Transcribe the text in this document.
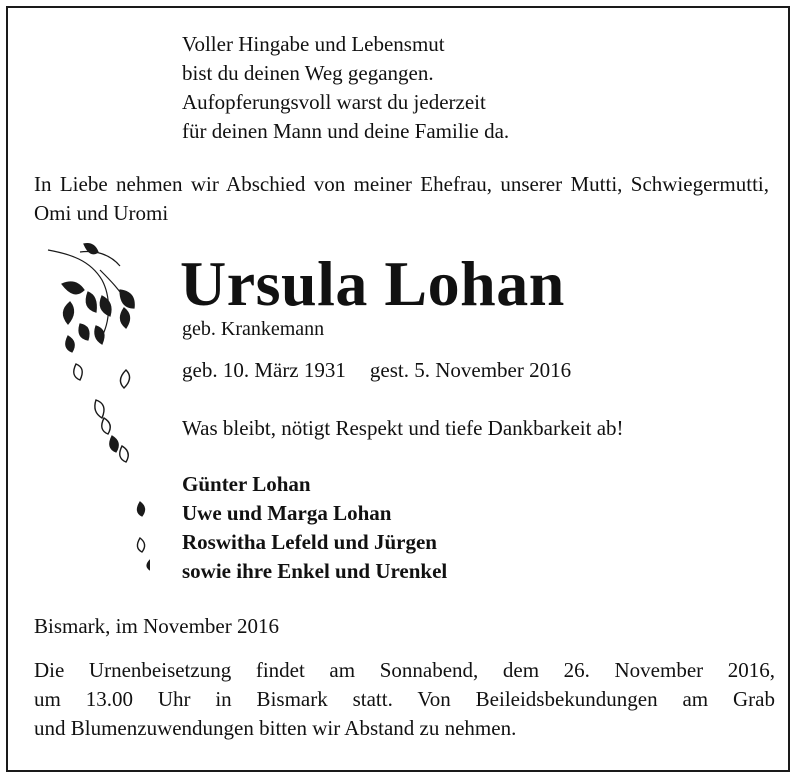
Voller Hingabe und Lebensmut
bist du deinen Weg gegangen.
Aufopferungsvoll warst du jederzeit
für deinen Mann und deine Familie da.
In Liebe nehmen wir Abschied von meiner Ehefrau, unserer Mutti, Schwiegermutti, Omi und Uromi
Ursula Lohan
geb. Krankemann
geb. 10. März 1931 gest. 5. November 2016
Was bleibt, nötigt Respekt und tiefe Dankbarkeit ab!
Günter Lohan
Uwe und Marga Lohan
Roswitha Lefeld und Jürgen
sowie ihre Enkel und Urenkel
Bismark, im November 2016
Die Urnenbeisetzung findet am Sonnabend, dem 26. November 2016,
um 13.00 Uhr in Bismark statt. Von Beileidsbekundungen am Grab
und Blumenzuwendungen bitten wir Abstand zu nehmen.
